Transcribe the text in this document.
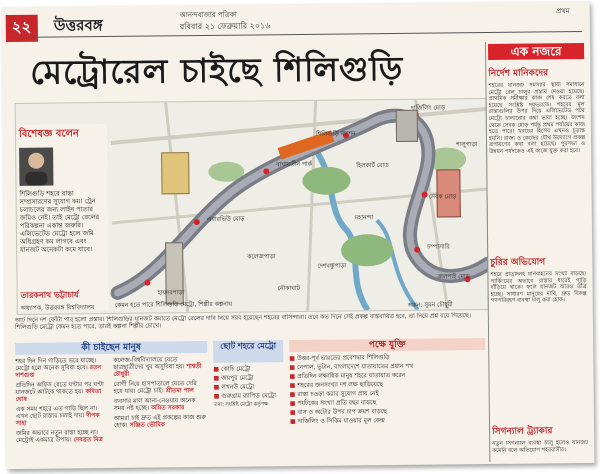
২২	উত্তরবঙ্গ
আনন্দবাজার পত্রিকা
রবিবার ২১ ফেব্রুয়ারি ২০১৬
প্রথম
মেট্রোরেল চাইছে শিলিগুড়ি	এক নজরে
শিলিগুড়ি জংশন
দার্জিলিং মোড়
সেবক মোড়
বাঘাযতীন পার্ক
এয়ারভিউ মোড়
হিলকার্ট রোড
মহানন্দা
চম্পাসারি
জলপাই মোড়
দেশবন্ধুপাড়া
কলেজপাড়া
শালুগাড়া
নৌকাঘাট
হায়দরপাড়া
অঙ্কন: সুমন চৌধুরী
বিশেষজ্ঞ বলেন
শিলিগুড়ি শহরে রাস্তা সম্প্রসারণের সুযোগ কম। ট্রেন চলাচলের জন্য লাইন পাতার জমিও নেই। তাই মেট্রো রেলের পরিকল্পনা একান্ত জরুরি। এলিভেটেড মেট্রো হলে জমি অধিগ্রহণ কম লাগবে এবং যানজট অনেকটা কমে যাবে।
তারকনাথ ভট্টাচার্য
অধ্যাপক, উত্তরবঙ্গ বিশ্ববিদ্যালয়	কেমন হতে পারে শিলিগুড়ি মেট্রো, শিল্পীর কল্পনায়
আট দিনে দশ ফোঁটা পার হলো প্রস্তাব। শিলিগুড়ির যানজট কমাতে মেট্রো রেলের দাবি নিয়ে সরব হয়েছেন শহরের বাসিন্দারা। তবে কত দিনে সেই প্রকল্প বাস্তবায়িত হবে, তা নিয়ে প্রশ্ন রয়ে গিয়েছে। শিলিগুড়ি মেট্রো কেমন হতে পারে, তারই কল্পনা শিল্পীর চোখে।
কী চাইছেন মানুষ
শহর দিন দিন গাড়িতে ভরে যাচ্ছে। মেট্রো হলে অনেক সুবিধা হবে। রতন দাশগুপ্ত
প্রতিদিন অফিস যেতে ঘণ্টার পর ঘণ্টা যানজটে আটকে থাকতে হয়। কবিতা ঘোষ
এক সময় শহরে এত গাড়ি ছিল না। এখন ছোট রাস্তায় চলাই দায়। দীপক সাহা
জমির অভাবে নতুন রাস্তা হচ্ছে না। মেট্রোই একমাত্র উপায়। দেবব্রত মিত্র
কলেজ-বিশ্ববিদ্যালয়ে যেতে ছাত্রছাত্রীদের খুব অসুবিধা হয়। শাশ্বতী চৌধুরী
রোগী নিয়ে হাসপাতালে যেতে দেরি হয়ে যায়। মেট্রো চাই। শ্রীতমা পাল
ব্যবসার মাল আনা-নেওয়ায় অনেক সময় নষ্ট হচ্ছে। অমিত সরকার
আমরা চাই দ্রুত এই প্রকল্পের কাজ শুরু হোক। সঞ্জিত ভৌমিক
ছোট শহরে মেট্রো
■ কোচি মেট্রো
■ জয়পুর মেট্রো
■ লখনউ মেট্রো
■ গুরুগ্রাম র‍্যাপিড মেট্রো
তথ্য: সংশ্লিষ্ট মেট্রো কর্তৃপক্ষ
পক্ষে যুক্তি
■ উত্তর-পূর্ব ভারতের প্রবেশদ্বার শিলিগুড়ি
■ নেপাল, ভুটান, বাংলাদেশে যাতায়াতের প্রধান পথ
■ প্রতিদিন লক্ষাধিক মানুষ শহরে যাতায়াত করেন
■ শহরের জনসংখ্যা দশ লক্ষ ছাড়িয়েছে
■ রাস্তা চওড়া করার সুযোগ প্রায় নেই
■ পর্যটকের সংখ্যা প্রতি বছর বাড়ছে
■ বাস ও অটোর উপর চাপ ক্রমশ বাড়ছে
■ দার্জিলিং ও সিকিম যাওয়ার মূল কেন্দ্র
নির্দেশ মানিকদের
শহরের যানজট সমস্যার স্থায়ী সমাধানে মেট্রো রেল চালুর প্রস্তাব দেওয়া হয়েছে। প্রাথমিক সমীক্ষার কাজ শেষ করতে বলা হয়েছে সংশ্লিষ্ট দফতরকে। শহরের মূল রাস্তাগুলির উপর দিয়ে এলিভেটেড পথে মেট্রো চালানোর কথা ভাবা হচ্ছে। জংশন থেকে সেবক মোড় পর্যন্ত প্রথম পর্যায়ের কাজ হতে পারে। খরচের হিসেব এখনও চূড়ান্ত হয়নি। রাজ্য ও কেন্দ্রের যৌথ উদ্যোগে প্রকল্প রূপায়ণের কথা বলা হয়েছে। পুরসভা ও উন্নয়ন পর্ষদকেও এই কাজে যুক্ত করা হবে।
চুরির অভিযোগ
শহরে প্রতিদিনই যানবাহনের সংখ্যা বাড়ছে। পার্কিংয়ের অভাবে রাস্তার ধারেই গাড়ি দাঁড়িয়ে থাকে। ফলে যানজট আরও তীব্র হচ্ছে। সাধারণ মানুষের দাবি, দ্রুত বিকল্প গণপরিবহণ ব্যবস্থা চালু করা হোক।
সিগন্যাল ট্র্যাকার
নতুন সিগন্যাল ব্যবস্থা চালু হলেও যানজট কমেনি বলে অভিযোগ শহরবাসীর।
